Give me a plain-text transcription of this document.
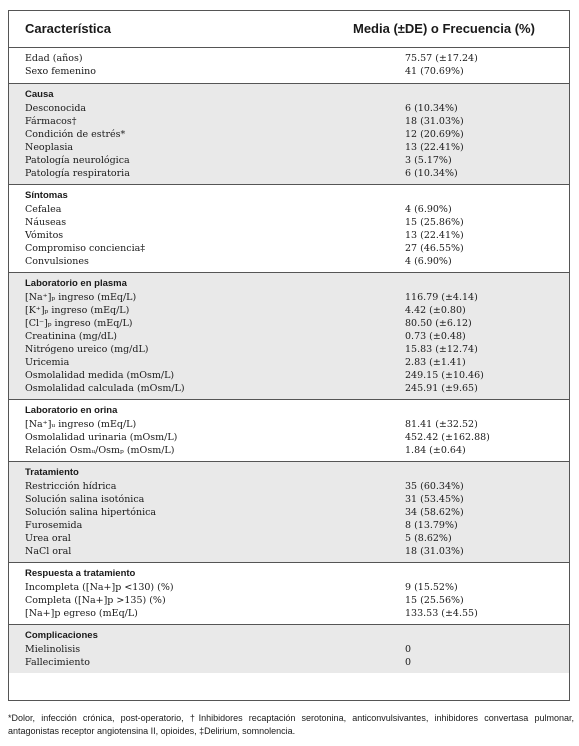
Característica	Media (±DE) o Frecuencia (%)
Edad (años)	75.57 (±17.24)
Sexo femenino	41 (70.69%)
Causa
Desconocida	6 (10.34%)
Fármacos†	18 (31.03%)
Condición de estrés*	12 (20.69%)
Neoplasia	13 (22.41%)
Patología neurológica	3 (5.17%)
Patología respiratoria	6 (10.34%)
Síntomas
Cefalea	4 (6.90%)
Náuseas	15 (25.86%)
Vómitos	13 (22.41%)
Compromiso conciencia‡	27 (46.55%)
Convulsiones	4 (6.90%)
Laboratorio en plasma
[Na⁺]ₚ ingreso (mEq/L)	116.79 (±4.14)
[K⁺]ₚ ingreso (mEq/L)	4.42 (±0.80)
[Cl⁻]ₚ ingreso (mEq/L)	80.50 (±6.12)
Creatinina (mg/dL)	0.73 (±0.48)
Nitrógeno ureico (mg/dL)	15.83 (±12.74)
Uricemia	2.83 (±1.41)
Osmolalidad medida (mOsm/L)	249.15 (±10.46)
Osmolalidad calculada (mOsm/L)	245.91 (±9.65)
Laboratorio en orina
[Na⁺]ᵤ ingreso (mEq/L)	81.41 (±32.52)
Osmolalidad urinaria (mOsm/L)	452.42 (±162.88)
Relación Osmᵤ/Osmₚ (mOsm/L)	1.84 (±0.64)
Tratamiento
Restricción hídrica	35 (60.34%)
Solución salina isotónica	31 (53.45%)
Solución salina hipertónica	34 (58.62%)
Furosemida	8 (13.79%)
Urea oral	5 (8.62%)
NaCl oral	18 (31.03%)
Respuesta a tratamiento
Incompleta ([Na+]p <130) (%)	9 (15.52%)
Completa ([Na+]p >135) (%)	15 (25.56%)
[Na+]p egreso (mEq/L)	133.53 (±4.55)
Complicaciones
Mielinolisis	0
Fallecimiento	0
*Dolor, infección crónica, post-operatorio, †Inhibidores recaptación serotonina, anticonvulsivantes, inhibidores convertasa pulmonar, antagonistas receptor angiotensina II, opioides, ‡Delirium, somnolencia.
